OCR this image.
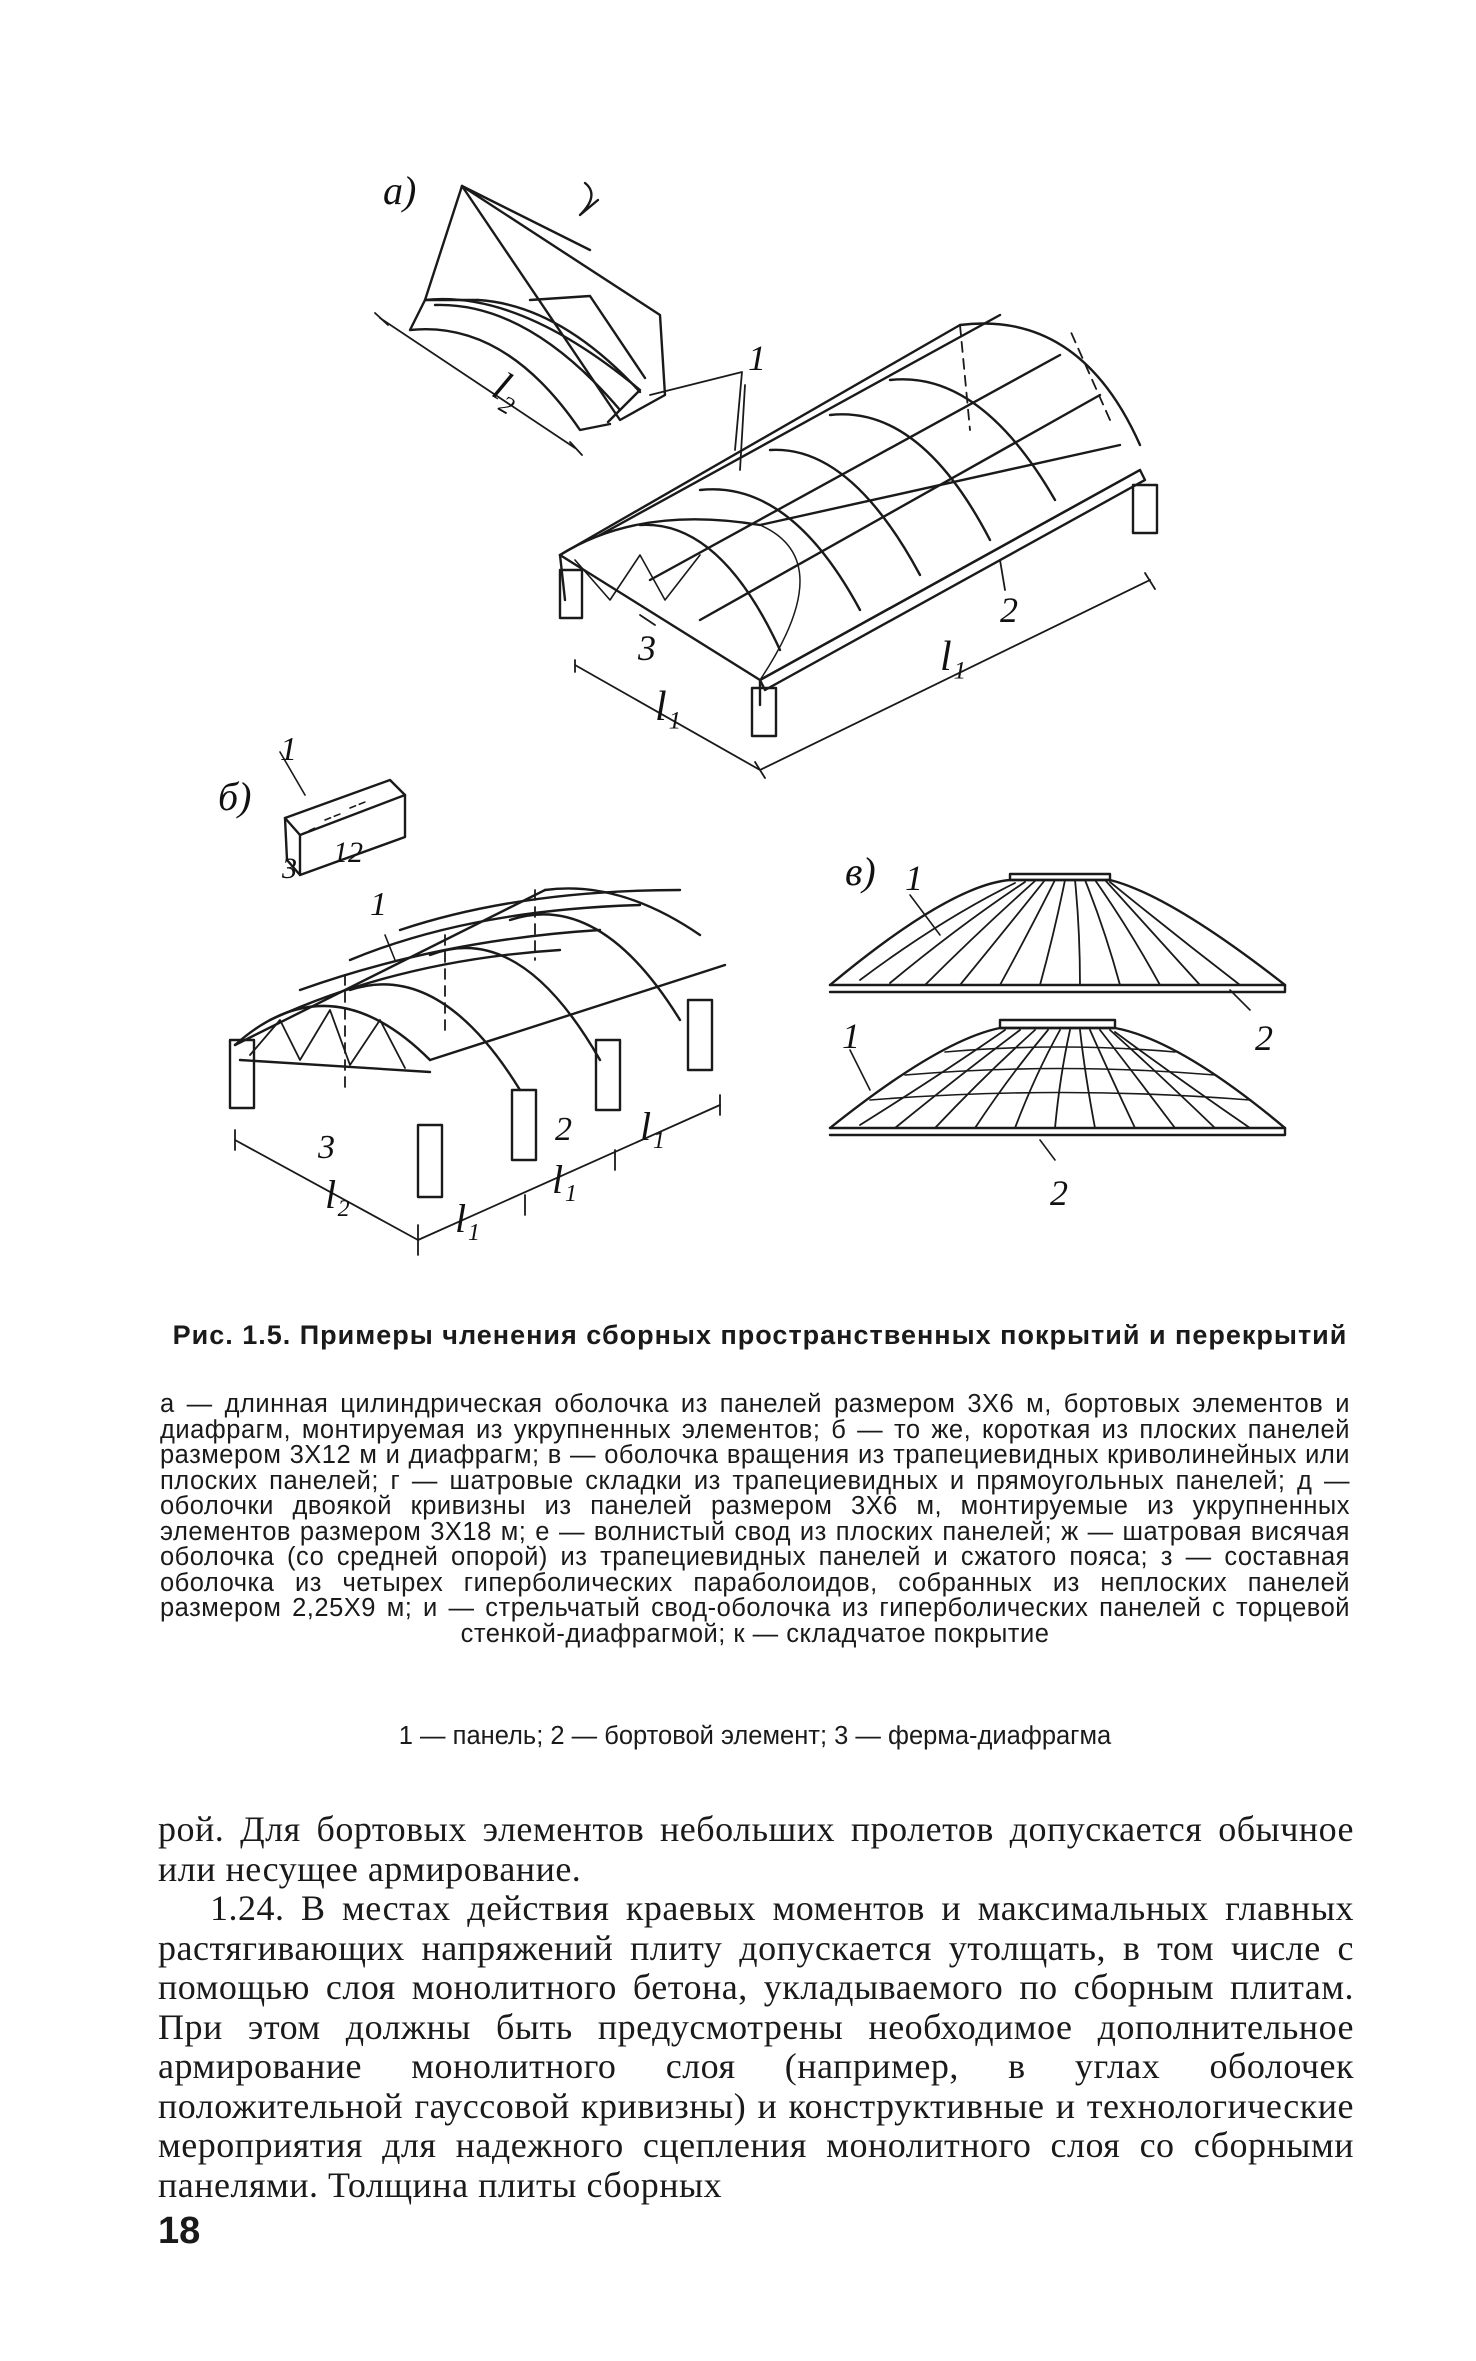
а)
l₂
1
2
3
l₁
l₁
б)
1
12
3
1
2
3
l₂
l₁
l₁
l₁
в) 1
2
1
2
Рис. 1.5. Примеры членения сборных пространственных покрытий и перекрытий
а — длинная цилиндрическая оболочка из панелей размером 3Х6 м, бортовых элементов и диафрагм, монтируемая из укрупненных элементов; б — то же, короткая из плоских панелей размером 3Х12 м и диафрагм; в — оболочка вращения из трапециевидных криволинейных или плоских панелей; г — шатровые складки из трапециевидных и прямоугольных панелей; д — оболочки двоякой кривизны из панелей размером 3Х6 м, монтируемые из укрупненных элементов размером 3Х18 м; е — волнистый свод из плоских панелей; ж — шатровая висячая оболочка (со средней опорой) из трапециевидных панелей и сжатого пояса; з — составная оболочка из четырех гиперболических параболоидов, собранных из неплоских панелей размером 2,25Х9 м; и — стрельчатый свод-оболочка из гиперболических панелей с торцевой стенкой-диафрагмой; к — складчатое покрытие
1 — панель; 2 — бортовой элемент; 3 — ферма-диафрагма

рой. Для бортовых элементов небольших пролетов допускается обычное или несущее армирование.

1.24. В местах действия краевых моментов и максимальных главных растягивающих напряжений плиту допускается утолщать, в том числе с помощью слоя монолитного бетона, укладываемого по сборным плитам. При этом должны быть предусмотрены необходимое дополнительное армирование монолитного слоя (например, в углах оболочек положительной гауссовой кривизны) и конструктивные и технологические мероприятия для надежного сцепления монолитного слоя со сборными панелями. Толщина плиты сборных

18
